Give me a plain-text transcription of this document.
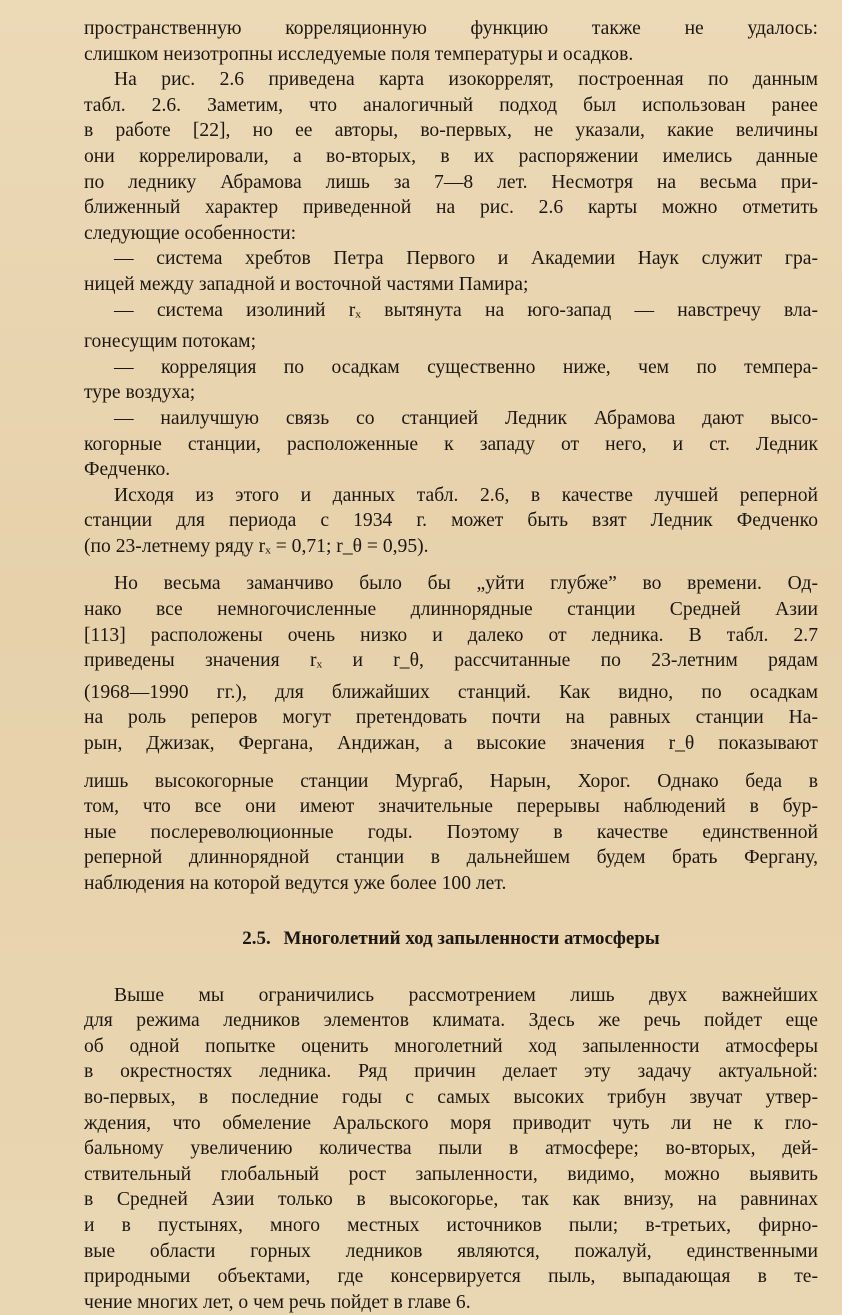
пространственную корреляционную функцию также не удалось:
слишком неизотропны исследуемые поля температуры и осадков.
На рис. 2.6 приведена карта изокоррелят, построенная по данным
табл. 2.6. Заметим, что аналогичный подход был использован ранее
в работе [22], но ее авторы, во-первых, не указали, какие величины
они коррелировали, а во-вторых, в их распоряжении имелись данные
по леднику Абрамова лишь за 7—8 лет. Несмотря на весьма при-
ближенный характер приведенной на рис. 2.6 карты можно отметить
следующие особенности:
— система хребтов Петра Первого и Академии Наук служит гра-
ницей между западной и восточной частями Памира;
— система изолиний rₓ вытянута на юго-запад — навстречу вла-
гонесущим потокам;
— корреляция по осадкам существенно ниже, чем по темпера-
туре воздуха;
— наилучшую связь со станцией Ледник Абрамова дают высо-
когорные станции, расположенные к западу от него, и ст. Ледник
Федченко.
Исходя из этого и данных табл. 2.6, в качестве лучшей реперной
станции для периода с 1934 г. может быть взят Ледник Федченко
(по 23-летнему ряду rₓ = 0,71; r_θ = 0,95).
Но весьма заманчиво было бы „уйти глубже” во времени. Од-
нако все немногочисленные длиннорядные станции Средней Азии
[113] расположены очень низко и далеко от ледника. В табл. 2.7
приведены значения rₓ и r_θ, рассчитанные по 23-летним рядам
(1968—1990 гг.), для ближайших станций. Как видно, по осадкам
на роль реперов могут претендовать почти на равных станции На-
рын, Джизак, Фергана, Андижан, а высокие значения r_θ показывают
лишь высокогорные станции Мургаб, Нарын, Хорог. Однако беда в
том, что все они имеют значительные перерывы наблюдений в бур-
ные послереволюционные годы. Поэтому в качестве единственной
реперной длиннорядной станции в дальнейшем будем брать Фергану,
наблюдения на которой ведутся уже более 100 лет.
2.5. Многолетний ход запыленности атмосферы
Выше мы ограничились рассмотрением лишь двух важнейших
для режима ледников элементов климата. Здесь же речь пойдет еще
об одной попытке оценить многолетний ход запыленности атмосферы
в окрестностях ледника. Ряд причин делает эту задачу актуальной:
во-первых, в последние годы с самых высоких трибун звучат утвер-
ждения, что обмеление Аральского моря приводит чуть ли не к гло-
бальному увеличению количества пыли в атмосфере; во-вторых, дей-
ствительный глобальный рост запыленности, видимо, можно выявить
в Средней Азии только в высокогорье, так как внизу, на равнинах
и в пустынях, много местных источников пыли; в-третьих, фирно-
вые области горных ледников являются, пожалуй, единственными
природными объектами, где консервируется пыль, выпадающая в те-
чение многих лет, о чем речь пойдет в главе 6.
